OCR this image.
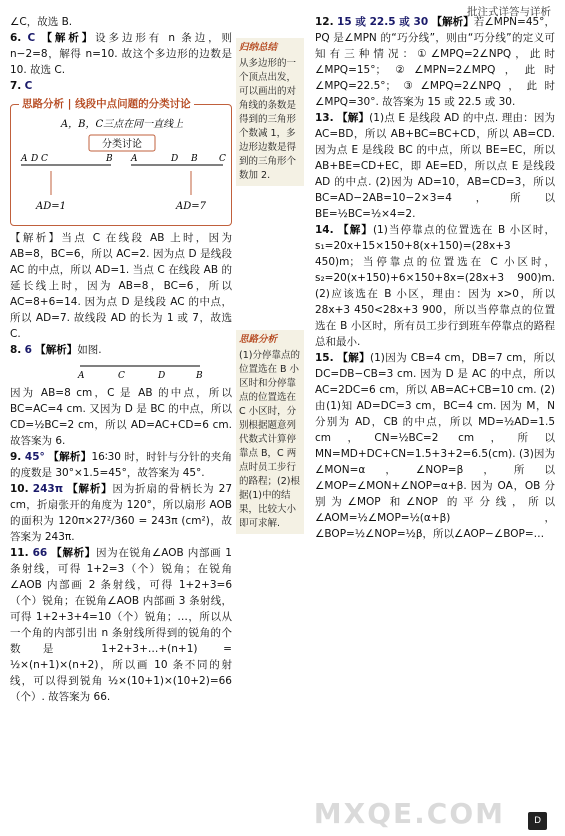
批注式详答与详析

∠C，故选 B.

6. C 【解析】设多边形有 n 条边，则 n−2=8，解得 n=10. 故这个多边形的边数是 10. 故选 C.

7. C

思路分析 | 线段中点问题的分类讨论
A，B，C三点在同一直线上
分类讨论
A D C	B A	D B C
AD=1	AD=7

【解析】当点 C 在线段 AB 上时，因为 AB=8，BC=6，所以 AC=2. 因为点 D 是线段 AC 的中点，所以 AD=1. 当点 C 在线段 AB 的延长线上时，因为 AB=8，BC=6，所以 AC=8+6=14. 因为点 D 是线段 AC 的中点，所以 AD=7. 故线段 AD 的长为 1 或 7，故选 C.

8. 6 【解析】如图.

A	C	D	B

因为 AB=8 cm，C 是 AB 的中点，所以 BC=AC=4 cm. 又因为 D 是 BC 的中点，所以 CD=½BC=2 cm，所以 AD=AC+CD=6 cm. 故答案为 6.

9. 45° 【解析】16∶30 时，时针与分针的夹角的度数是 30°×1.5=45°，故答案为 45°.

10. 243π 【解析】因为折扇的骨柄长为 27 cm，折扇张开的角度为 120°，所以扇形 AOB 的面积为 120π×27²/360 = 243π (cm²)，故答案为 243π.

11. 66 【解析】因为在锐角∠AOB 内部画 1 条射线，可得 1+2=3（个）锐角；在锐角∠AOB 内部画 2 条射线，可得 1+2+3=6（个）锐角；在锐角∠AOB 内部画 3 条射线，可得 1+2+3+4=10（个）锐角；…，所以从一个角的内部引出 n 条射线所得到的锐角的个数是 1+2+3+…+(n+1) = ½×(n+1)×(n+2)，所以画 10 条不同的射线，可以得到锐角 ½×(10+1)×(10+2)=66（个）. 故答案为 66.

归纳总结
从多边形的一个顶点出发，可以画出的对角线的条数是得到的三角形个数减 1，多边形边数是得到的三角形个数加 2.
思路分析
(1)分停靠点的位置选在 B 小区时和分停靠点的位置选在 C 小区时，分别根据题意列代数式计算停靠点 B，C 两点时员工步行的路程；(2)根据(1)中的结果，比较大小即可求解.

12. 15 或 22.5 或 30 【解析】若∠MPN=45°，PQ 是∠MPN 的“巧分线”，则由“巧分线”的定义可知有三种情况：①∠MPQ=2∠NPQ，此时∠MPQ=15°；②∠MPN=2∠MPQ，此时∠MPQ=22.5°；③∠MPQ=2∠NPQ，此时∠MPQ=30°. 故答案为 15 或 22.5 或 30.

13. 【解】(1)点 E 是线段 AD 的中点. 理由：因为 AC=BD，所以 AB+BC=BC+CD，所以 AB=CD. 因为点 E 是线段 BC 的中点，所以 BE=EC，所以 AB+BE=CD+EC，即 AE=ED，所以点 E 是线段 AD 的中点. (2)因为 AD=10，AB=CD=3，所以 BC=AD−2AB=10−2×3=4，所以 BE=½BC=½×4=2.

14. 【解】(1)当停靠点的位置选在 B 小区时，s₁=20x+15×150+8(x+150)=(28x+3 450)m；当停靠点的位置选在 C 小区时，s₂=20(x+150)+6×150+8x=(28x+3 900)m. (2)应该选在 B 小区，理由：因为 x>0，所以 28x+3 450<28x+3 900，所以当停靠点的位置选在 B 小区时，所有员工步行到班车停靠点的路程总和最小.

15. 【解】(1)因为 CB=4 cm，DB=7 cm，所以 DC=DB−CB=3 cm. 因为 D 是 AC 的中点，所以 AC=2DC=6 cm，所以 AB=AC+CB=10 cm. (2)由(1)知 AD=DC=3 cm，BC=4 cm. 因为 M，N 分别为 AD，CB 的中点，所以 MD=½AD=1.5 cm，CN=½BC=2 cm，所以 MN=MD+DC+CN=1.5+3+2=6.5(cm). (3)因为∠MON=α，∠NOP=β，所以∠MOP=∠MON+∠NOP=α+β. 因为 OA，OB 分别为∠MOP 和∠NOP 的平分线，所以∠AOM=½∠MOP=½(α+β)，∠BOP=½∠NOP=½β，所以∠AOP−∠BOP=…

MXQE.COM	D
